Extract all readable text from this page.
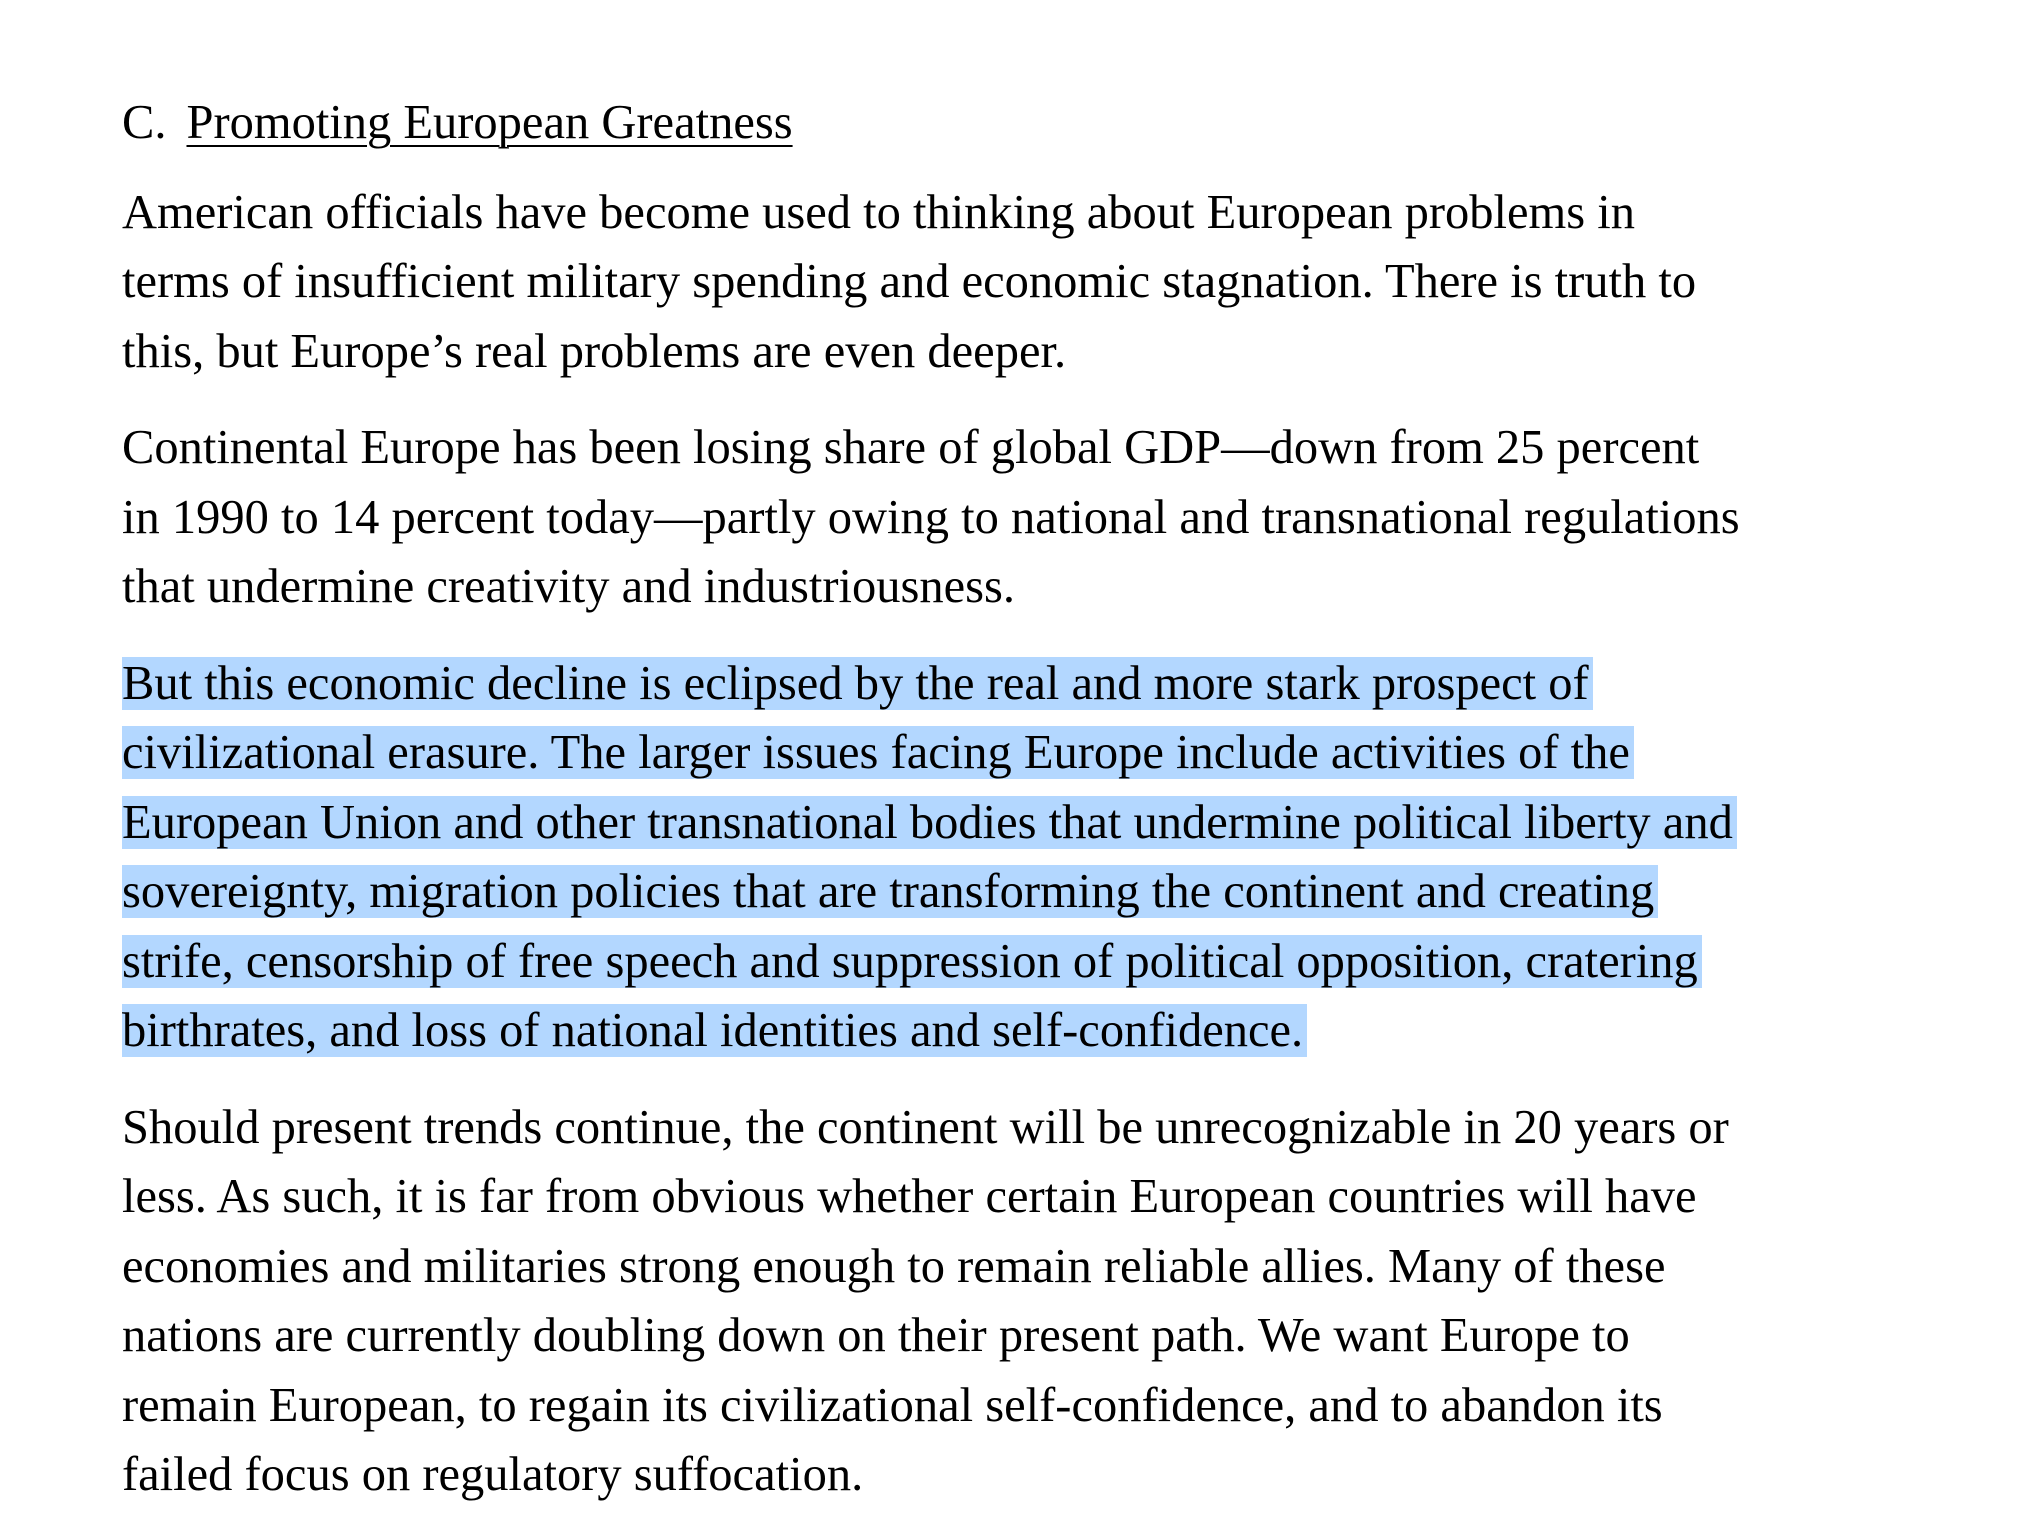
C. Promoting European Greatness
American officials have become used to thinking about European problems in
terms of insufficient military spending and economic stagnation. There is truth to
this, but Europe’s real problems are even deeper.
Continental Europe has been losing share of global GDP—down from 25 percent
in 1990 to 14 percent today—partly owing to national and transnational regulations
that undermine creativity and industriousness.
But this economic decline is eclipsed by the real and more stark prospect of
civilizational erasure. The larger issues facing Europe include activities of the
European Union and other transnational bodies that undermine political liberty and
sovereignty, migration policies that are transforming the continent and creating
strife, censorship of free speech and suppression of political opposition, cratering
birthrates, and loss of national identities and self-confidence.
Should present trends continue, the continent will be unrecognizable in 20 years or
less. As such, it is far from obvious whether certain European countries will have
economies and militaries strong enough to remain reliable allies. Many of these
nations are currently doubling down on their present path. We want Europe to
remain European, to regain its civilizational self-confidence, and to abandon its
failed focus on regulatory suffocation.
